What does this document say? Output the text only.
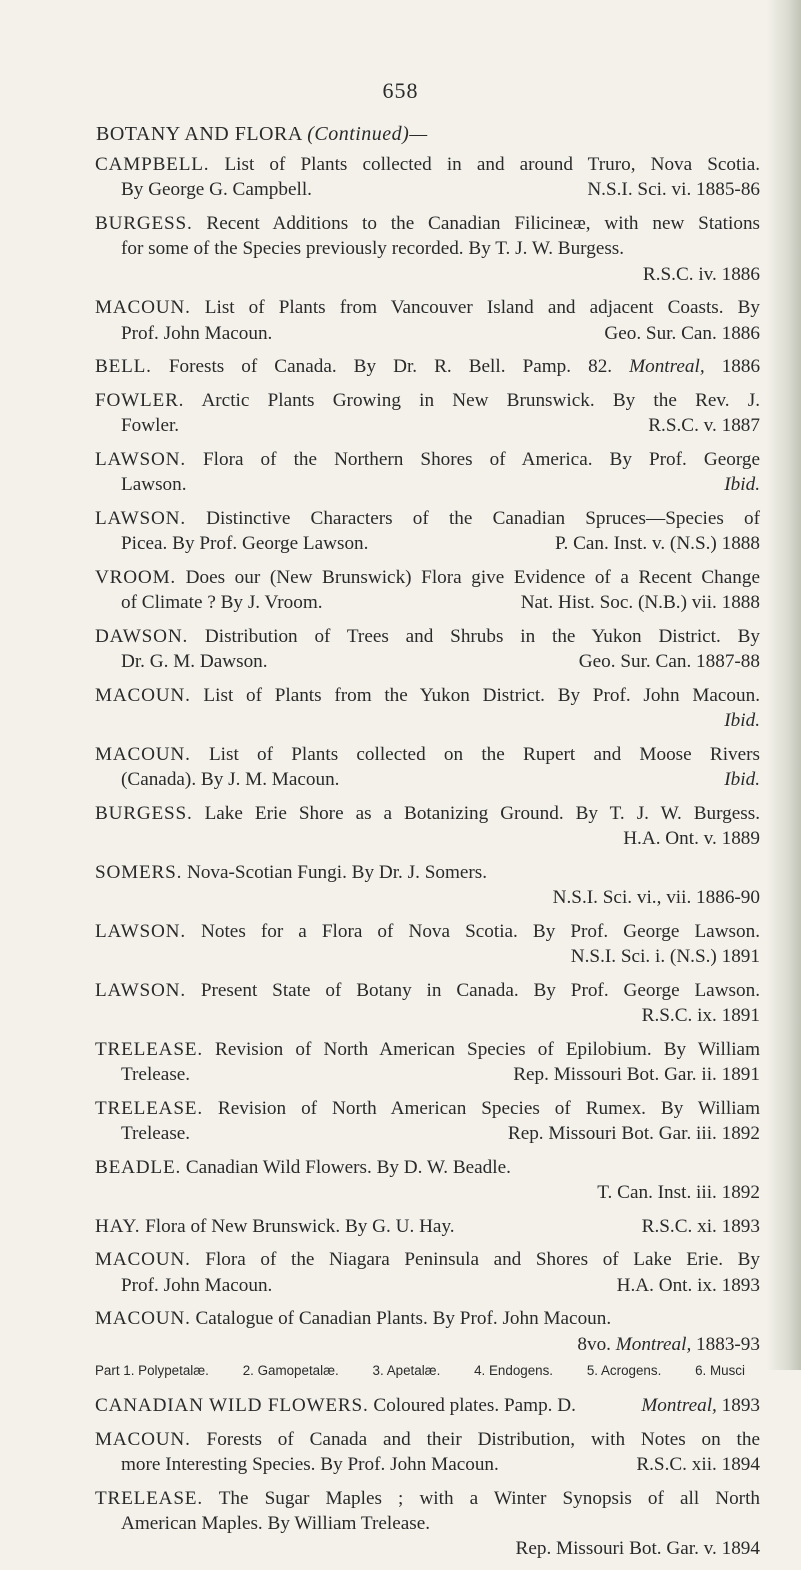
658
BOTANY AND FLORA (Continued)—
CAMPBELL. List of Plants collected in and around Truro, Nova Scotia.
By George G. Campbell.	N.S.I. Sci. vi. 1885-86
BURGESS. Recent Additions to the Canadian Filicineæ, with new Stations
for some of the Species previously recorded. By T. J. W. Burgess.
R.S.C. iv. 1886
MACOUN. List of Plants from Vancouver Island and adjacent Coasts. By
Prof. John Macoun.	Geo. Sur. Can. 1886
BELL. Forests of Canada. By Dr. R. Bell. Pamp. 82. Montreal, 1886
FOWLER. Arctic Plants Growing in New Brunswick. By the Rev. J.
Fowler.	R.S.C. v. 1887
LAWSON. Flora of the Northern Shores of America. By Prof. George
Lawson.	Ibid.
LAWSON. Distinctive Characters of the Canadian Spruces—Species of
Picea. By Prof. George Lawson.	P. Can. Inst. v. (N.S.) 1888
VROOM. Does our (New Brunswick) Flora give Evidence of a Recent Change
of Climate ? By J. Vroom.	Nat. Hist. Soc. (N.B.) vii. 1888
DAWSON. Distribution of Trees and Shrubs in the Yukon District. By
Dr. G. M. Dawson.	Geo. Sur. Can. 1887-88
MACOUN. List of Plants from the Yukon District. By Prof. John Macoun.
Ibid.
MACOUN. List of Plants collected on the Rupert and Moose Rivers
(Canada). By J. M. Macoun.	Ibid.
BURGESS. Lake Erie Shore as a Botanizing Ground. By T. J. W. Burgess.
H.A. Ont. v. 1889
SOMERS. Nova-Scotian Fungi. By Dr. J. Somers.
N.S.I. Sci. vi., vii. 1886-90
LAWSON. Notes for a Flora of Nova Scotia. By Prof. George Lawson.
N.S.I. Sci. i. (N.S.) 1891
LAWSON. Present State of Botany in Canada. By Prof. George Lawson.
R.S.C. ix. 1891
TRELEASE. Revision of North American Species of Epilobium. By William
Trelease.	Rep. Missouri Bot. Gar. ii. 1891
TRELEASE. Revision of North American Species of Rumex. By William
Trelease.	Rep. Missouri Bot. Gar. iii. 1892
BEADLE. Canadian Wild Flowers. By D. W. Beadle.
T. Can. Inst. iii. 1892
HAY. Flora of New Brunswick. By G. U. Hay.	R.S.C. xi. 1893
MACOUN. Flora of the Niagara Peninsula and Shores of Lake Erie. By
Prof. John Macoun.	H.A. Ont. ix. 1893
MACOUN. Catalogue of Canadian Plants. By Prof. John Macoun.
8vo. Montreal, 1883-93
Part 1. Polypetalæ.	2. Gamopetalæ.	3. Apetalæ.	4. Endogens.	5. Acrogens.	6. Musci
CANADIAN WILD FLOWERS. Coloured plates. Pamp. D.	Montreal, 1893
MACOUN. Forests of Canada and their Distribution, with Notes on the
more Interesting Species. By Prof. John Macoun.	R.S.C. xii. 1894
TRELEASE. The Sugar Maples ; with a Winter Synopsis of all North
American Maples. By William Trelease.
Rep. Missouri Bot. Gar. v. 1894
